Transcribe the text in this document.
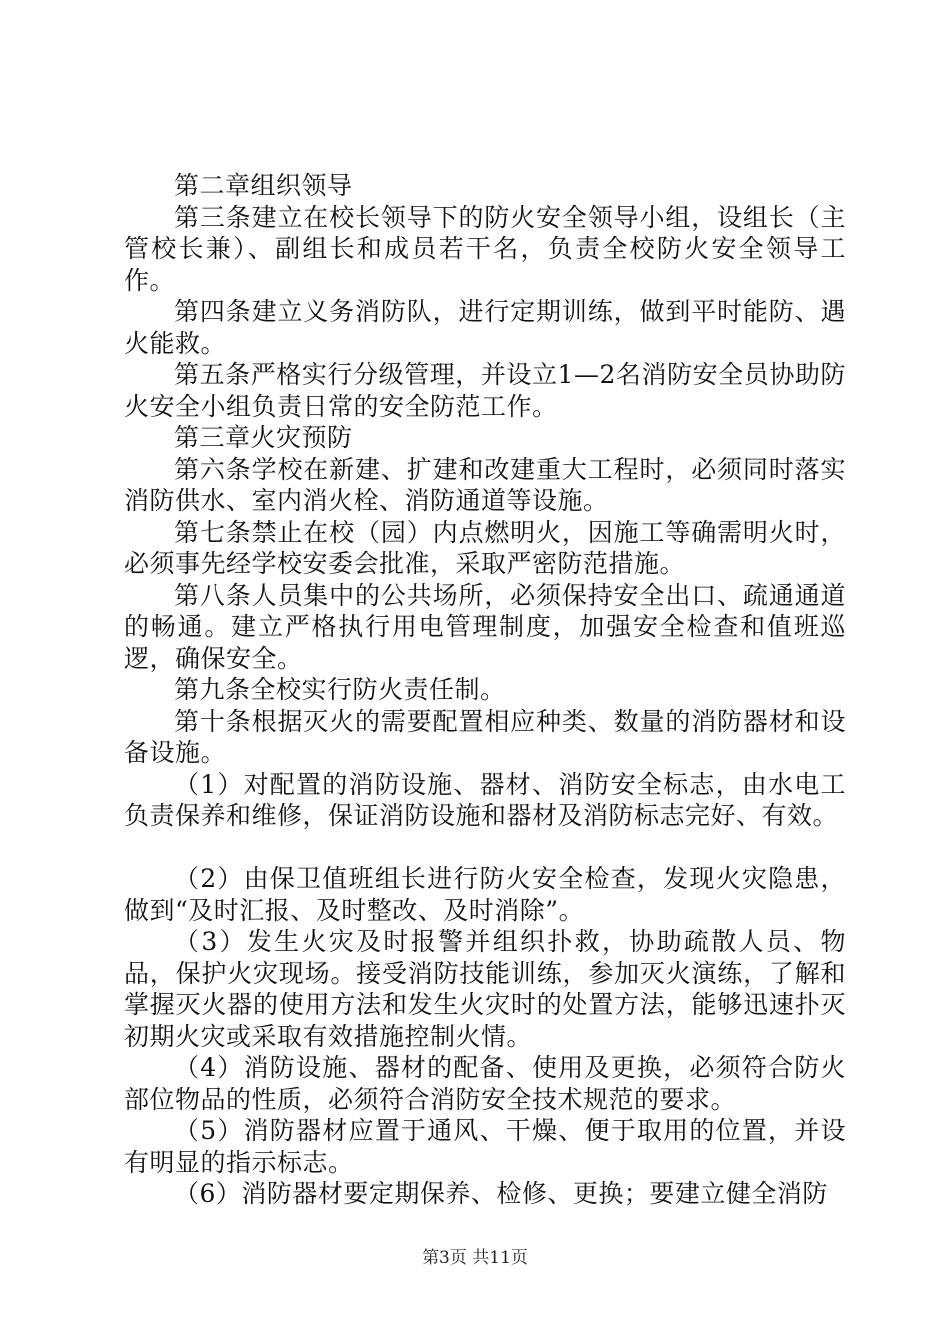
第二章组织领导

第三条建立在校长领导下的防火安全领导小组，设组长（主管校长兼）、副组长和成员若干名，负责全校防火安全领导工作。

第四条建立义务消防队，进行定期训练，做到平时能防、遇火能救。

第五条严格实行分级管理，并设立1—2名消防安全员协助防火安全小组负责日常的安全防范工作。

第三章火灾预防

第六条学校在新建、扩建和改建重大工程时，必须同时落实消防供水、室内消火栓、消防通道等设施。

第七条禁止在校（园）内点燃明火，因施工等确需明火时，必须事先经学校安委会批准，采取严密防范措施。

第八条人员集中的公共场所，必须保持安全出口、疏通通道的畅通。建立严格执行用电管理制度，加强安全检查和值班巡逻，确保安全。

第九条全校实行防火责任制。

第十条根据灭火的需要配置相应种类、数量的消防器材和设备设施。

（1）对配置的消防设施、器材、消防安全标志，由水电工负责保养和维修，保证消防设施和器材及消防标志完好、有效。

（2）由保卫值班组长进行防火安全检查，发现火灾隐患，做到“及时汇报、及时整改、及时消除”。

（3）发生火灾及时报警并组织扑救，协助疏散人员、物品，保护火灾现场。接受消防技能训练，参加灭火演练，了解和掌握灭火器的使用方法和发生火灾时的处置方法，能够迅速扑灭初期火灾或采取有效措施控制火情。

（4）消防设施、器材的配备、使用及更换，必须符合防火部位物品的性质，必须符合消防安全技术规范的要求。

（5）消防器材应置于通风、干燥、便于取用的位置，并设有明显的指示标志。

（6）消防器材要定期保养、检修、更换；要建立健全消防

第3页 共11页
